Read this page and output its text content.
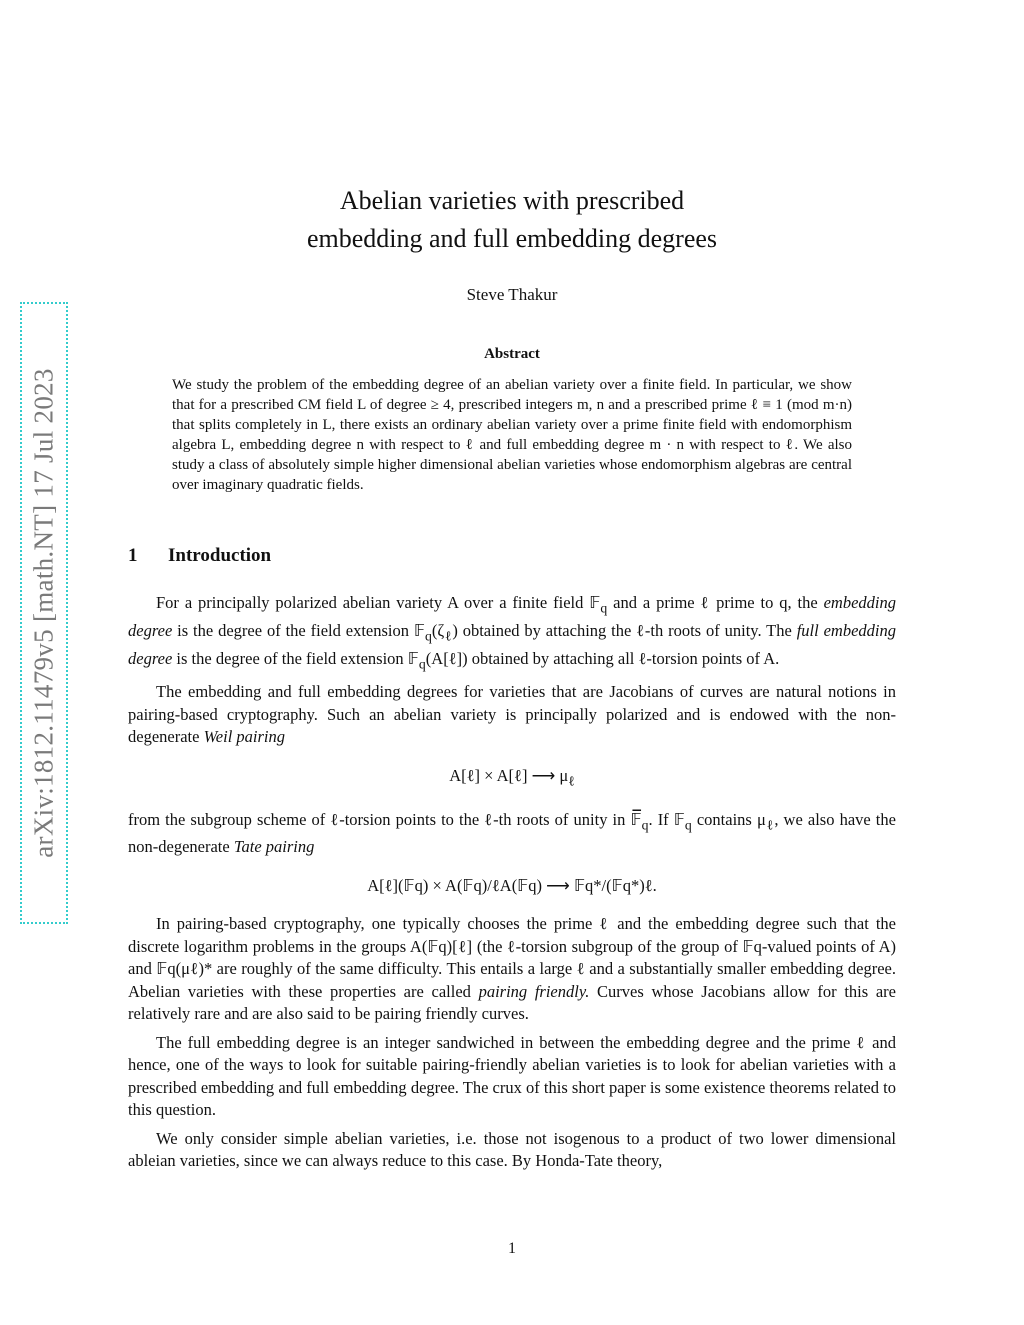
arXiv:1812.11479v5 [math.NT] 17 Jul 2023
Abelian varieties with prescribed
embedding and full embedding degrees
Steve Thakur
Abstract
We study the problem of the embedding degree of an abelian variety over a finite field. In particular, we show that for a prescribed CM field L of degree ≥ 4, prescribed integers m, n and a prescribed prime ℓ ≡ 1 (mod m·n) that splits completely in L, there exists an ordinary abelian variety over a prime finite field with endomorphism algebra L, embedding degree n with respect to ℓ and full embedding degree m · n with respect to ℓ. We also study a class of absolutely simple higher dimensional abelian varieties whose endomorphism algebras are central over imaginary quadratic fields.
1 Introduction

For a principally polarized abelian variety A over a finite field 𝔽$_q$ and a prime ℓ prime to q, the embedding degree is the degree of the field extension $𝔽_q(\zeta_\ell)$ obtained by attaching the ℓ-th roots of unity. The full embedding degree is the degree of the field extension 𝔽$_q$(A[ℓ]) obtained by attaching all ℓ-torsion points of A.

The embedding and full embedding degrees for varieties that are Jacobians of curves are natural notions in pairing-based cryptography. Such an abelian variety is principally polarized and is endowed with the non-degenerate Weil pairing

A[ℓ] × A[ℓ] ⟶ $\mu_\ell$

from the subgroup scheme of ℓ-torsion points to the ℓ-th roots of unity in $𝔽̅_q$. If 𝔽$_q$ contains $\mu_\ell$, we also have the non-degenerate Tate pairing

A[ℓ](𝔽q) × A(𝔽q)/ℓA(𝔽q) ⟶ 𝔽q*/(𝔽q*)ℓ.

In pairing-based cryptography, one typically chooses the prime ℓ and the embedding degree such that the discrete logarithm problems in the groups A(𝔽q)[ℓ] (the ℓ-torsion subgroup of the group of 𝔽q-valued points of A) and 𝔽q(μℓ)* are roughly of the same difficulty. This entails a large ℓ and a substantially smaller embedding degree. Abelian varieties with these properties are called pairing friendly. Curves whose Jacobians allow for this are relatively rare and are also said to be pairing friendly curves.

The full embedding degree is an integer sandwiched in between the embedding degree and the prime ℓ and hence, one of the ways to look for suitable pairing-friendly abelian varieties is to look for abelian varieties with a prescribed embedding and full embedding degree. The crux of this short paper is some existence theorems related to this question.

We only consider simple abelian varieties, i.e. those not isogenous to a product of two lower dimensional ableian varieties, since we can always reduce to this case. By Honda-Tate theory,

1
